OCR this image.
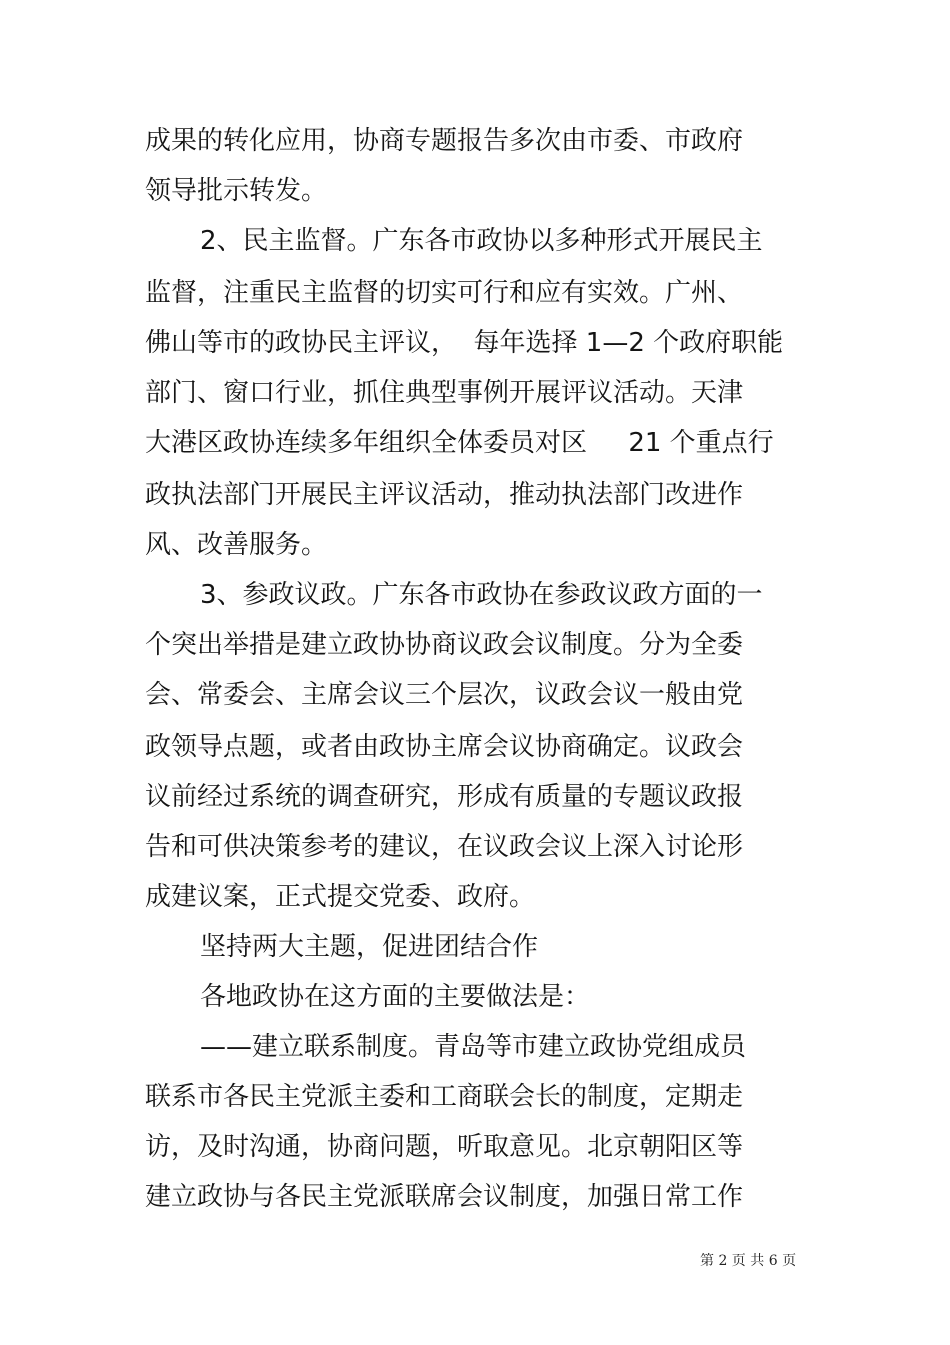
成果的转化应用，协商专题报告多次由市委、市政府
领导批示转发。
2、民主监督。广东各市政协以多种形式开展民主
监督，注重民主监督的切实可行和应有实效。广州、
佛山等市的政协民主评议，  每年选择 1—2 个政府职能
部门、窗口行业，抓住典型事例开展评议活动。天津
大港区政协连续多年组织全体委员对区     21 个重点行
政执法部门开展民主评议活动，推动执法部门改进作
风、改善服务。
3、参政议政。广东各市政协在参政议政方面的一
个突出举措是建立政协协商议政会议制度。分为全委
会、常委会、主席会议三个层次，议政会议一般由党
政领导点题，或者由政协主席会议协商确定。议政会
议前经过系统的调查研究，形成有质量的专题议政报
告和可供决策参考的建议，在议政会议上深入讨论形
成建议案，正式提交党委、政府。
坚持两大主题，促进团结合作
各地政协在这方面的主要做法是：
——建立联系制度。青岛等市建立政协党组成员
联系市各民主党派主委和工商联会长的制度，定期走
访，及时沟通，协商问题，听取意见。北京朝阳区等
建立政协与各民主党派联席会议制度，加强日常工作
第 2 页 共 6 页
